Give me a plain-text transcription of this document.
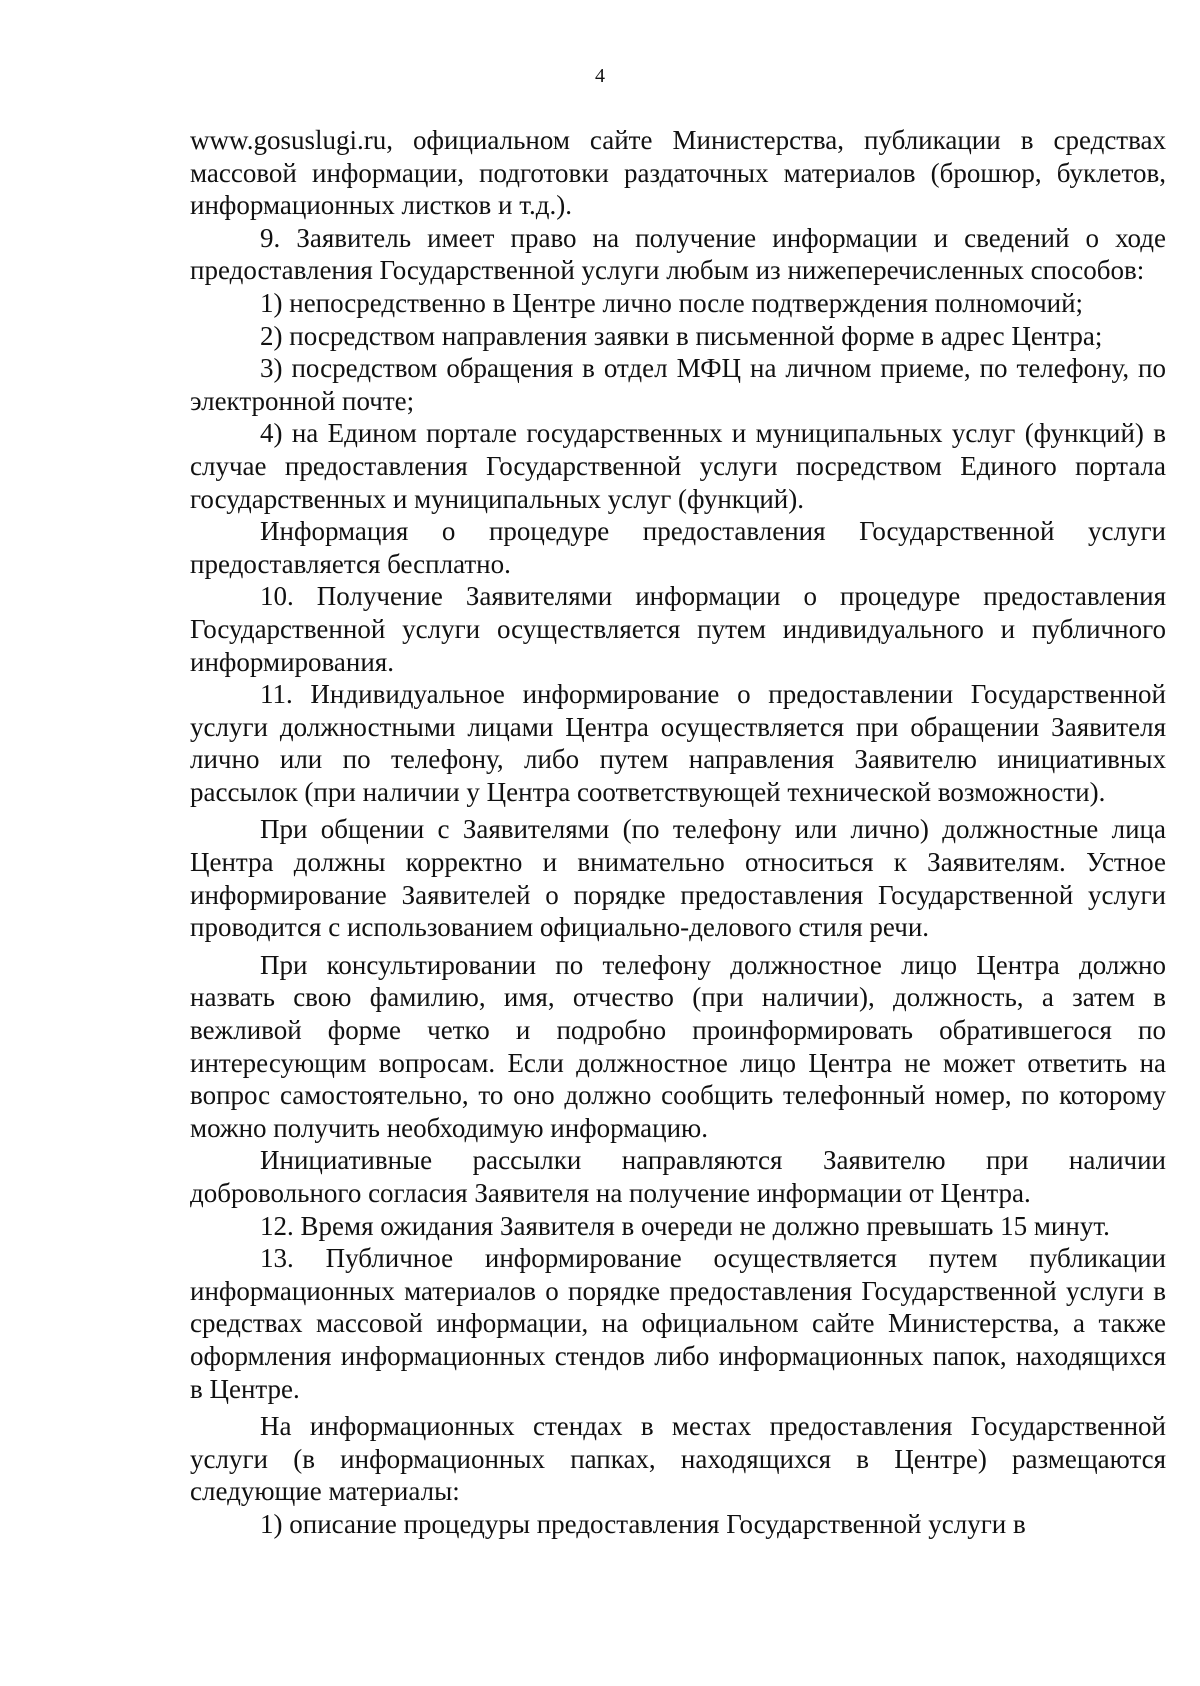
4

www.gosuslugi.ru, официальном сайте Министерства, публикации в средствах массовой информации, подготовки раздаточных материалов (брошюр, буклетов, информационных листков и т.д.).

9. Заявитель имеет право на получение информации и сведений о ходе предоставления Государственной услуги любым из нижеперечисленных способов:

1) непосредственно в Центре лично после подтверждения полномочий;

2) посредством направления заявки в письменной форме в адрес Центра;

3) посредством обращения в отдел МФЦ на личном приеме, по телефону, по электронной почте;

4) на Едином портале государственных и муниципальных услуг (функций) в случае предоставления Государственной услуги посредством Единого портала государственных и муниципальных услуг (функций).

Информация о процедуре предоставления Государственной услуги предоставляется бесплатно.

10. Получение Заявителями информации о процедуре предоставления Государственной услуги осуществляется путем индивидуального и публичного информирования.

11. Индивидуальное информирование о предоставлении Государственной услуги должностными лицами Центра осуществляется при обращении Заявителя лично или по телефону, либо путем направления Заявителю инициативных рассылок (при наличии у Центра соответствующей технической возможности).

При общении с Заявителями (по телефону или лично) должностные лица Центра должны корректно и внимательно относиться к Заявителям. Устное информирование Заявителей о порядке предоставления Государственной услуги проводится с использованием официально-делового стиля речи.

При консультировании по телефону должностное лицо Центра должно назвать свою фамилию, имя, отчество (при наличии), должность, а затем в вежливой форме четко и подробно проинформировать обратившегося по интересующим вопросам. Если должностное лицо Центра не может ответить на вопрос самостоятельно, то оно должно сообщить телефонный номер, по которому можно получить необходимую информацию.

Инициативные рассылки направляются Заявителю при наличии добровольного согласия Заявителя на получение информации от Центра.

12. Время ожидания Заявителя в очереди не должно превышать 15 минут.

13. Публичное информирование осуществляется путем публикации информационных материалов о порядке предоставления Государственной услуги в средствах массовой информации, на официальном сайте Министерства, а также оформления информационных стендов либо информационных папок, находящихся в Центре.

На информационных стендах в местах предоставления Государственной услуги (в информационных папках, находящихся в Центре) размещаются следующие материалы:

1) описание процедуры предоставления Государственной услуги в
